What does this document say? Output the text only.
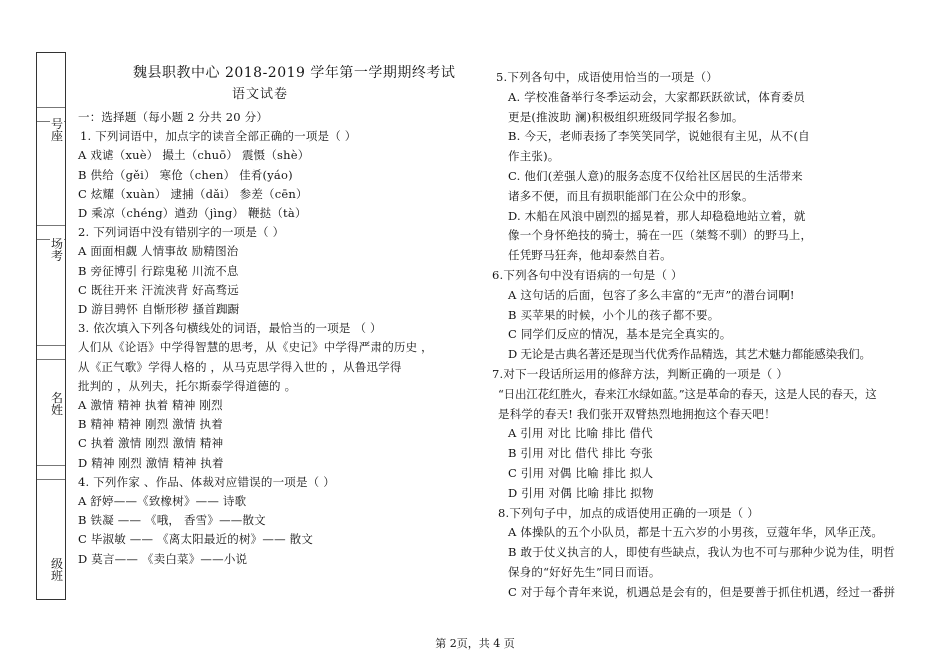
号座
场考
名姓
级班
魏县职教中心 2018-2019 学年第一学期期终考试
语文试卷
一：选择题（每小题 2 分共 20 分）
1. 下列词语中，加点字的读音全部正确的一项是（ ）
A 戏谑（xuè） 撮土（chuō） 震慑（shè）
B 供给（gěi） 寒伧（chen） 佳肴(yáo)
C 炫耀（xuàn） 逮捕（dǎi） 参差（cēn）
D 乘凉（chéng）遒劲（jìng） 鞭挞（tà）
2. 下列词语中没有错别字的一项是（ ）
A 面面相觑 人情事故 励精图治
B 旁征博引 行踪鬼秘 川流不息
C 既往开来 汗流浃背 好高骛远
D 游目骋怀 自惭形秽 搔首踟蹰
3. 依次填入下列各句横线处的词语，最恰当的一项是 （ ）
人们从《论语》中学得智慧的思考，从《史记》中学得严肃的历史 ，
从《正气歌》学得人格的 ，从马克思学得入世的 ，从鲁迅学得
批判的 ，从列夫，托尔斯泰学得道德的 。
A 激情 精神 执着 精神 刚烈
B 精神 精神 刚烈 激情 执着
C 执着 激情 刚烈 激情 精神
D 精神 刚烈 激情 精神 执着
4. 下列作家 、作品、体裁对应错误的一项是（ ）
A 舒婷——《致橡树》—— 诗歌
B 铁凝 —— 《哦， 香雪》——散文
C 毕淑敏 —— 《离太阳最近的树》—— 散文
D 莫言—— 《卖白菜》——小说
5.下列各句中，成语使用恰当的一项是（）
A. 学校准备举行冬季运动会，大家都跃跃欲试，体育委员
更是(推波助 澜)积极组织班级同学报名参加。
B. 今天，老师表扬了李笑笑同学，说她很有主见，从不(自
作主张)。
C. 他们(差强人意)的服务态度不仅给社区居民的生活带来
诸多不便，而且有损职能部门在公众中的形象。
D. 木船在风浪中剧烈的摇晃着，那人却稳稳地站立着，就
像一个身怀绝技的骑士，骑在一匹（桀骜不驯）的野马上，
任凭野马狂奔，他却泰然自若。
6.下列各句中没有语病的一句是（ ）
A 这句话的后面，包容了多么丰富的“无声”的潜台词啊!
B 买苹果的时候，小个儿的孩子都不要。
C 同学们反应的情况，基本是完全真实的。
D 无论是古典名著还是现当代优秀作品精选，其艺术魅力都能感染我们。
7.对下一段话所运用的修辞方法，判断正确的一项是（ ）
“日出江花红胜火，春来江水绿如蓝。”这是革命的春天，这是人民的春天，这
是科学的春天! 我们张开双臂热烈地拥抱这个春天吧！
A 引用 对比 比喻 排比 借代
B 引用 对比 借代 排比 夸张
C 引用 对偶 比喻 排比 拟人
D 引用 对偶 比喻 排比 拟物
8.下列句子中，加点的成语使用正确的一项是（ ）
A 体操队的五个小队员，都是十五六岁的小男孩，豆蔻年华，风华正茂。
B 敢于仗义执言的人，即使有些缺点，我认为也不可与那种少说为佳，明哲
保身的“好好先生”同日而语。
C 对于每个青年来说，机遇总是会有的，但是要善于抓住机遇，经过一番拼
第 2页，共 4 页
